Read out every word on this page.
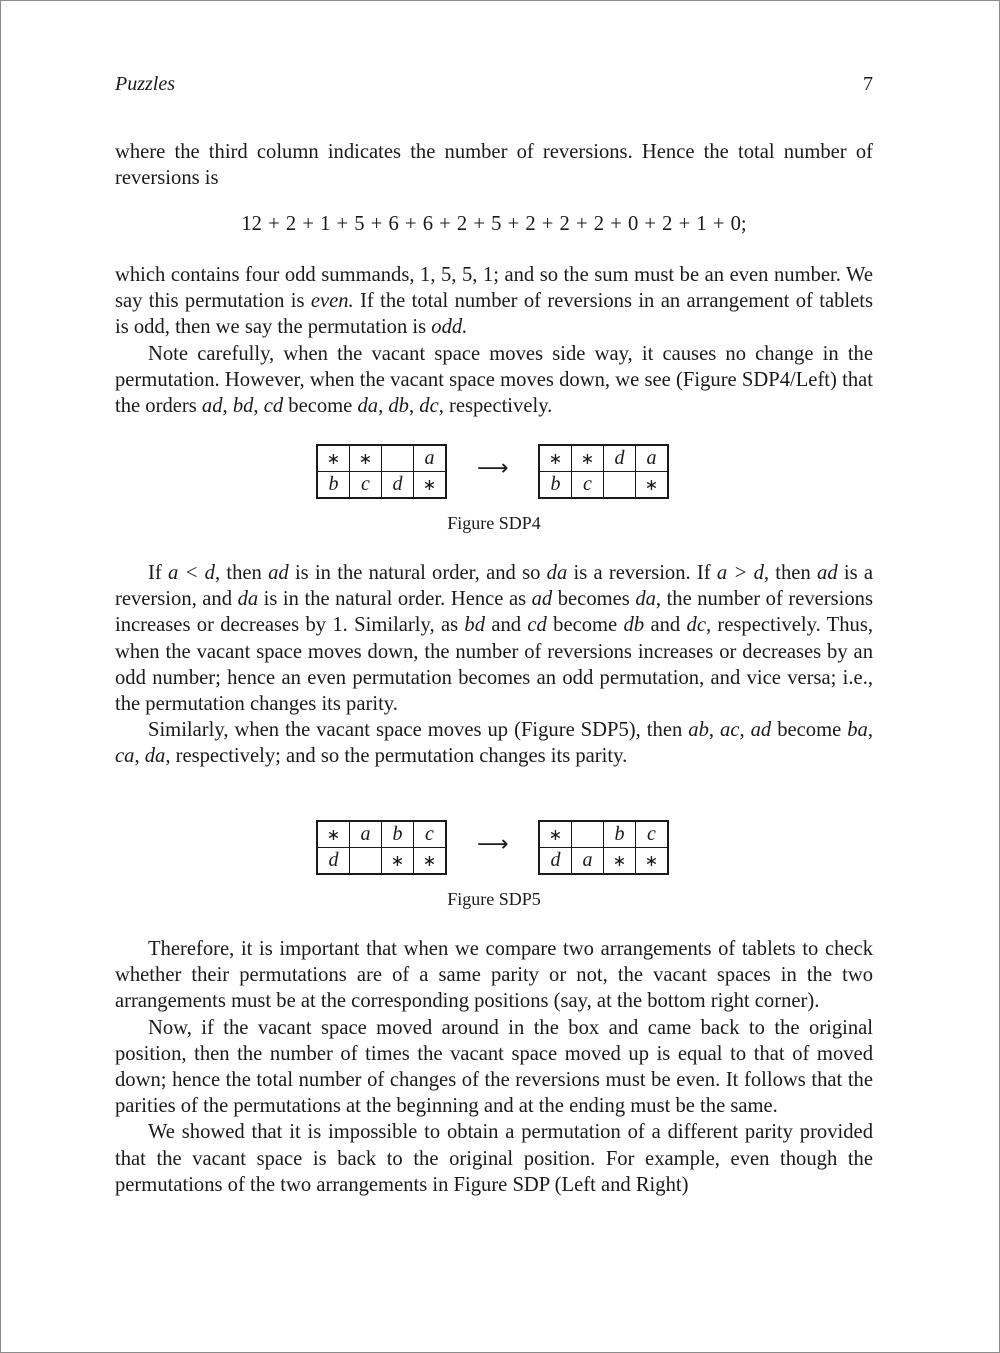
Puzzles	7

where the third column indicates the number of reversions. Hence the total number of reversions is

12 + 2 + 1 + 5 + 6 + 6 + 2 + 5 + 2 + 2 + 2 + 0 + 2 + 1 + 0;

which contains four odd summands, 1, 5, 5, 1; and so the sum must be an even number. We say this permutation is even. If the total number of reversions in an arrangement of tablets is odd, then we say the permutation is odd.

Note carefully, when the vacant space moves side way, it causes no change in the permutation. However, when the vacant space moves down, we see (Figure SDP4/Left) that the orders ad, bd, cd become da, db, dc, respectively.

∗	∗		a
b	c	d	∗
⟶	∗	∗	d	a
b	c		∗
Figure SDP4

If a < d, then ad is in the natural order, and so da is a reversion. If a > d, then ad is a reversion, and da is in the natural order. Hence as ad becomes da, the number of reversions increases or decreases by 1. Similarly, as bd and cd become db and dc, respectively. Thus, when the vacant space moves down, the number of reversions increases or decreases by an odd number; hence an even permutation becomes an odd permutation, and vice versa; i.e., the permutation changes its parity.

Similarly, when the vacant space moves up (Figure SDP5), then ab, ac, ad become ba, ca, da, respectively; and so the permutation changes its parity.

∗	a	b	c
d		∗	∗
⟶	∗		b	c
d	a	∗	∗
Figure SDP5

Therefore, it is important that when we compare two arrangements of tablets to check whether their permutations are of a same parity or not, the vacant spaces in the two arrangements must be at the corresponding positions (say, at the bottom right corner).

Now, if the vacant space moved around in the box and came back to the original position, then the number of times the vacant space moved up is equal to that of moved down; hence the total number of changes of the reversions must be even. It follows that the parities of the permutations at the beginning and at the ending must be the same.

We showed that it is impossible to obtain a permutation of a different parity provided that the vacant space is back to the original position. For example, even though the permutations of the two arrangements in Figure SDP (Left and Right)
